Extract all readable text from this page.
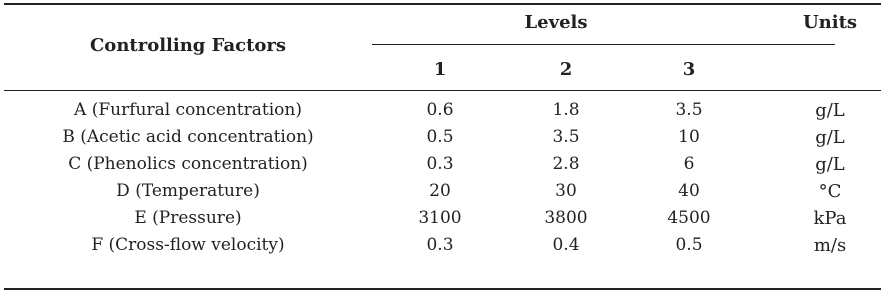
Controlling Factors
Levels	Units
1	2	3
A (Furfural concentration)	0.6	1.8	3.5	g/L
B (Acetic acid concentration)	0.5	3.5	10	g/L
C (Phenolics concentration)	0.3	2.8	6	g/L
D (Temperature)	20	30	40	°C
E (Pressure)	3100	3800	4500	kPa
F (Cross-flow velocity)	0.3	0.4	0.5	m/s
